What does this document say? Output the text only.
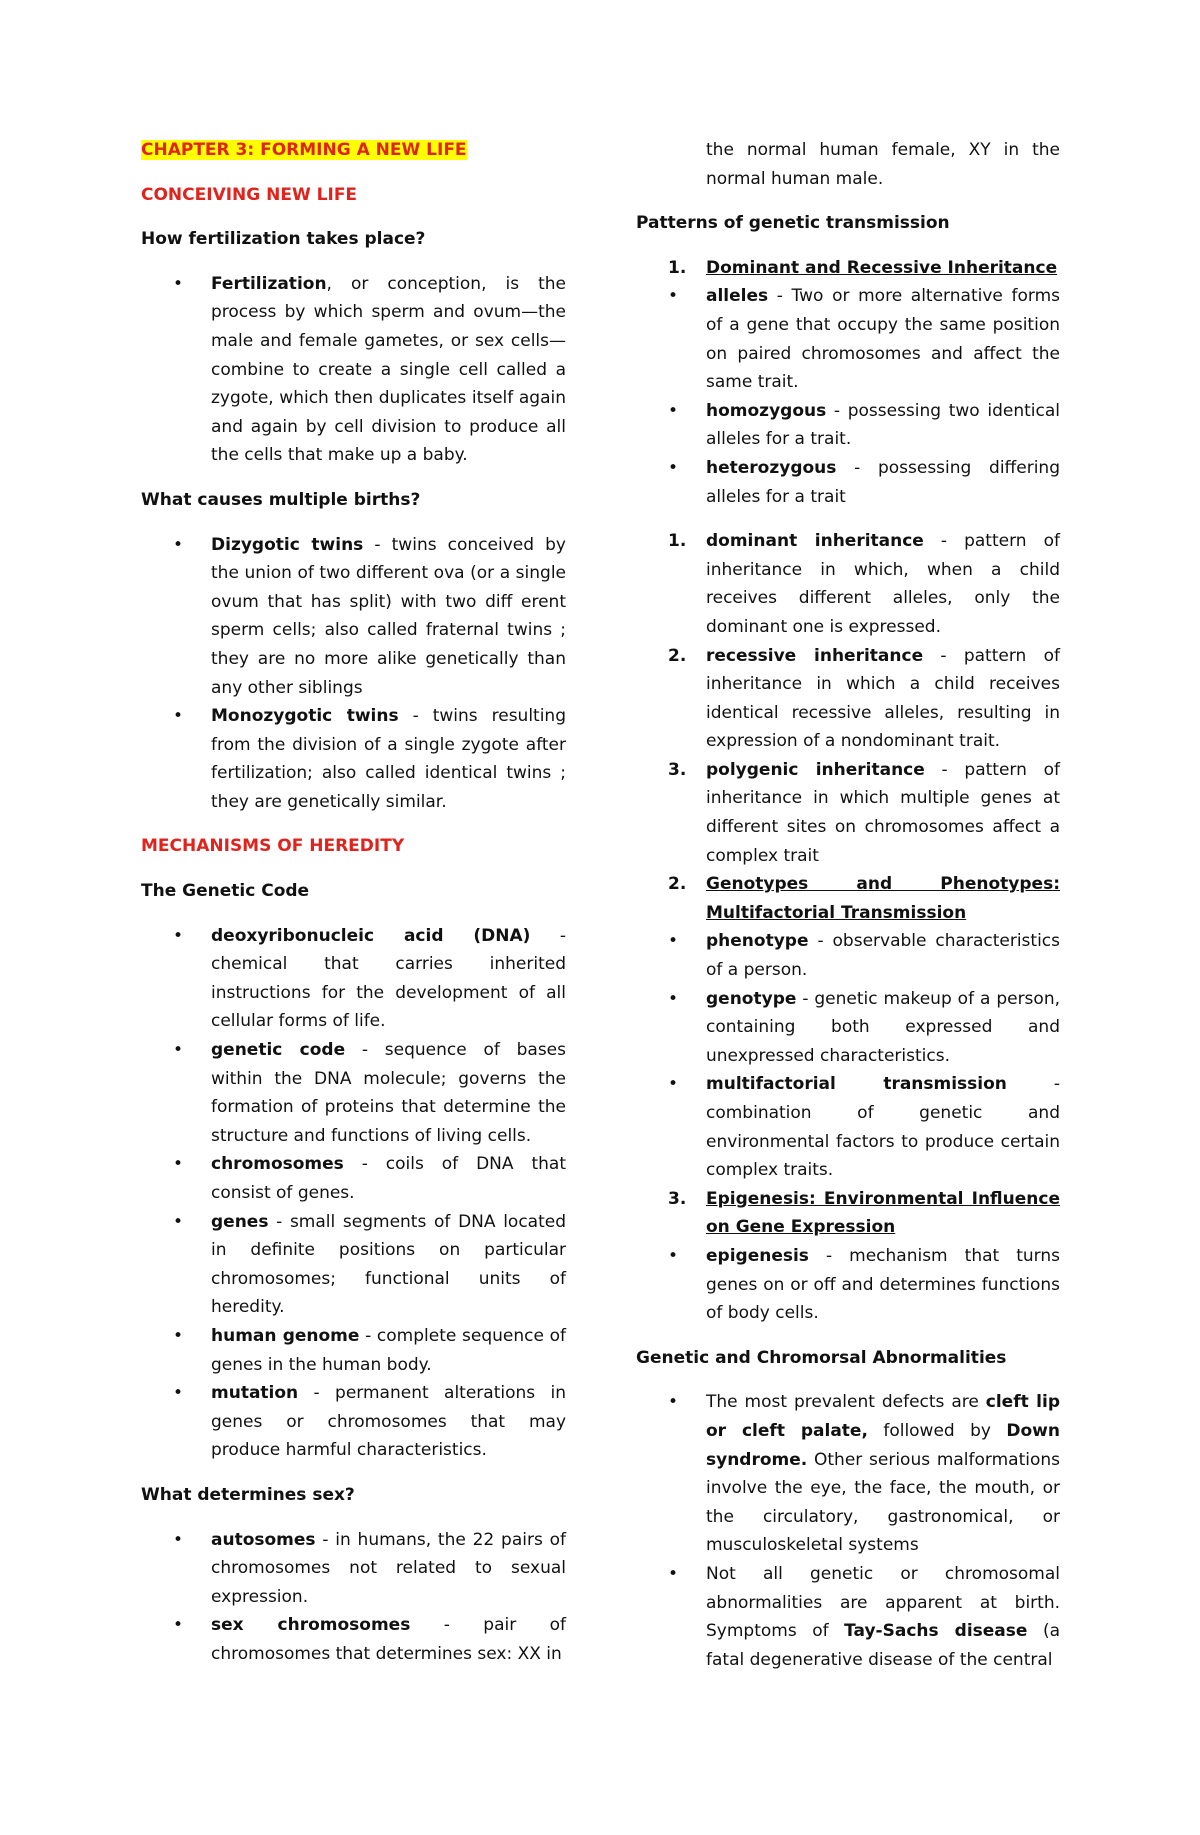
CHAPTER 3: FORMING A NEW LIFE
CONCEIVING NEW LIFE
How fertilization takes place?
• Fertilization, or conception, is the process by which sperm and ovum—the male and female gametes, or sex cells—combine to create a single cell called a zygote, which then duplicates itself again and again by cell division to produce all the cells that make up a baby.
What causes multiple births?
• Dizygotic twins - twins conceived by the union of two different ova (or a single ovum that has split) with two diff erent sperm cells; also called fraternal twins ; they are no more alike genetically than any other siblings
• Monozygotic twins - twins resulting from the division of a single zygote after fertilization; also called identical twins ; they are genetically similar.
MECHANISMS OF HEREDITY
The Genetic Code
• deoxyribonucleic acid (DNA) - chemical that carries inherited instructions for the development of all cellular forms of life.
• genetic code - sequence of bases within the DNA molecule; governs the formation of proteins that determine the structure and functions of living cells.
• chromosomes - coils of DNA that consist of genes.
• genes - small segments of DNA located in definite positions on particular chromosomes; functional units of heredity.
• human genome - complete sequence of genes in the human body.
• mutation - permanent alterations in genes or chromosomes that may produce harmful characteristics.
What determines sex?
• autosomes - in humans, the 22 pairs of chromosomes not related to sexual expression.
• sex chromosomes - pair of chromosomes that determines sex: XX in

the normal human female, XY in the normal human male.

Patterns of genetic transmission
1. Dominant and Recessive Inheritance
• alleles - Two or more alternative forms of a gene that occupy the same position on paired chromosomes and affect the same trait.
• homozygous - possessing two identical alleles for a trait.
• heterozygous - possessing differing alleles for a trait
1. dominant inheritance - pattern of inheritance in which, when a child receives different alleles, only the dominant one is expressed.
2. recessive inheritance - pattern of inheritance in which a child receives identical recessive alleles, resulting in expression of a nondominant trait.
3. polygenic inheritance - pattern of inheritance in which multiple genes at different sites on chromosomes affect a complex trait
2. Genotypes and Phenotypes: Multifactorial Transmission
• phenotype - observable characteristics of a person.
• genotype - genetic makeup of a person, containing both expressed and unexpressed characteristics.
• multifactorial transmission - combination of genetic and environmental factors to produce certain complex traits.
3. Epigenesis: Environmental Influence on Gene Expression
• epigenesis - mechanism that turns genes on or off and determines functions of body cells.
Genetic and Chromorsal Abnormalities
• The most prevalent defects are cleft lip or cleft palate, followed by Down syndrome. Other serious malformations involve the eye, the face, the mouth, or the circulatory, gastronomical, or musculoskeletal systems
• Not all genetic or chromosomal abnormalities are apparent at birth. Symptoms of Tay-Sachs disease (a fatal degenerative disease of the central
